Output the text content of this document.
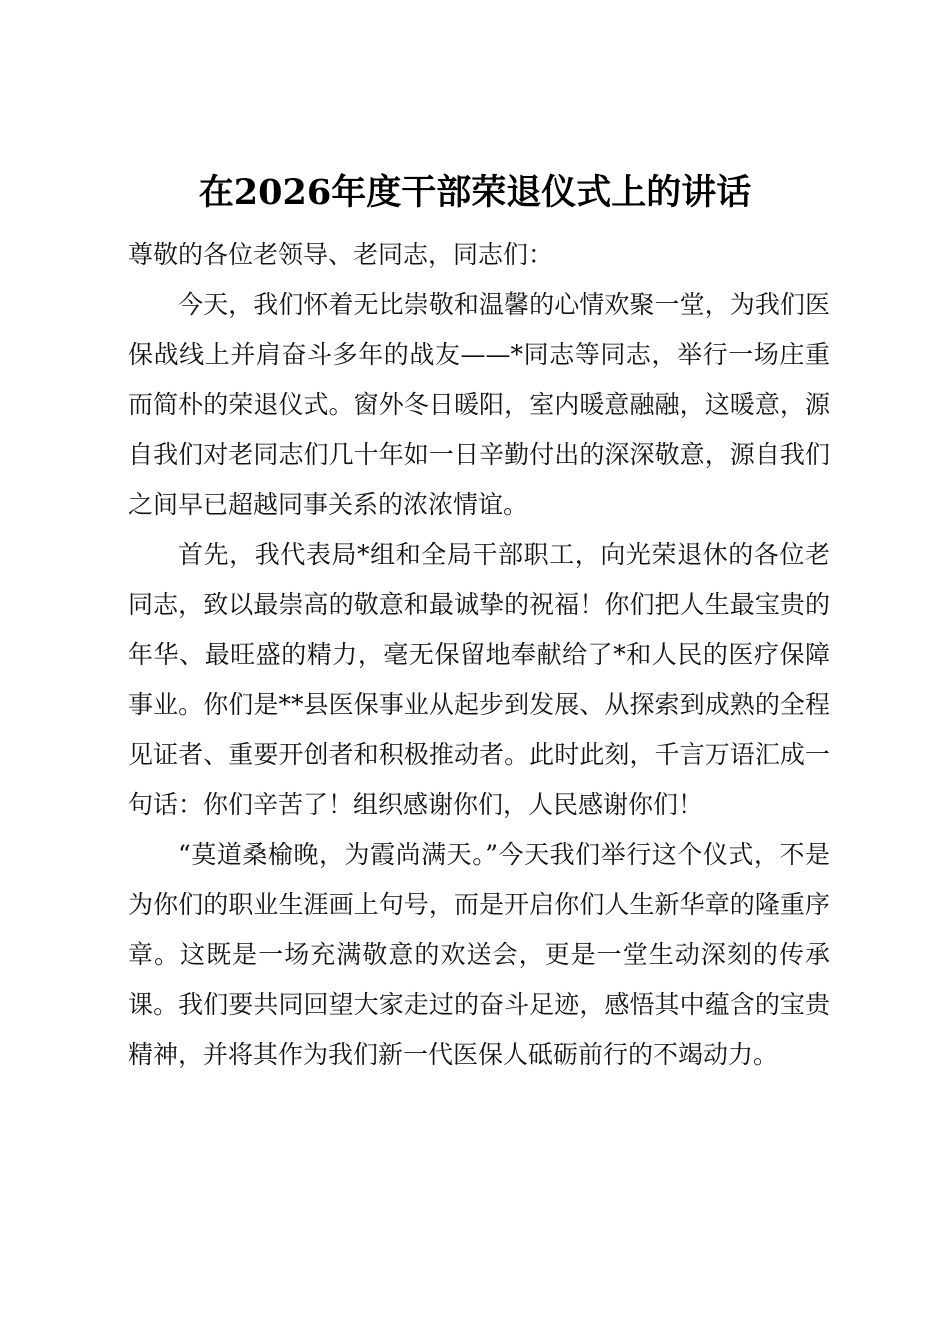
在2026年度干部荣退仪式上的讲话

尊敬的各位老领导、老同志，同志们：

今天，我们怀着无比崇敬和温馨的心情欢聚一堂，为我们医保战线上并肩奋斗多年的战友——*同志等同志，举行一场庄重而简朴的荣退仪式。窗外冬日暖阳，室内暖意融融，这暖意，源自我们对老同志们几十年如一日辛勤付出的深深敬意，源自我们之间早已超越同事关系的浓浓情谊。

首先，我代表局*组和全局干部职工，向光荣退休的各位老同志，致以最崇高的敬意和最诚挚的祝福！你们把人生最宝贵的年华、最旺盛的精力，毫无保留地奉献给了*和人民的医疗保障事业。你们是**县医保事业从起步到发展、从探索到成熟的全程见证者、重要开创者和积极推动者。此时此刻，千言万语汇成一句话：你们辛苦了！组织感谢你们，人民感谢你们！

“莫道桑榆晚，为霞尚满天。”今天我们举行这个仪式，不是为你们的职业生涯画上句号，而是开启你们人生新华章的隆重序章。这既是一场充满敬意的欢送会，更是一堂生动深刻的传承课。我们要共同回望大家走过的奋斗足迹，感悟其中蕴含的宝贵精神，并将其作为我们新一代医保人砥砺前行的不竭动力。
